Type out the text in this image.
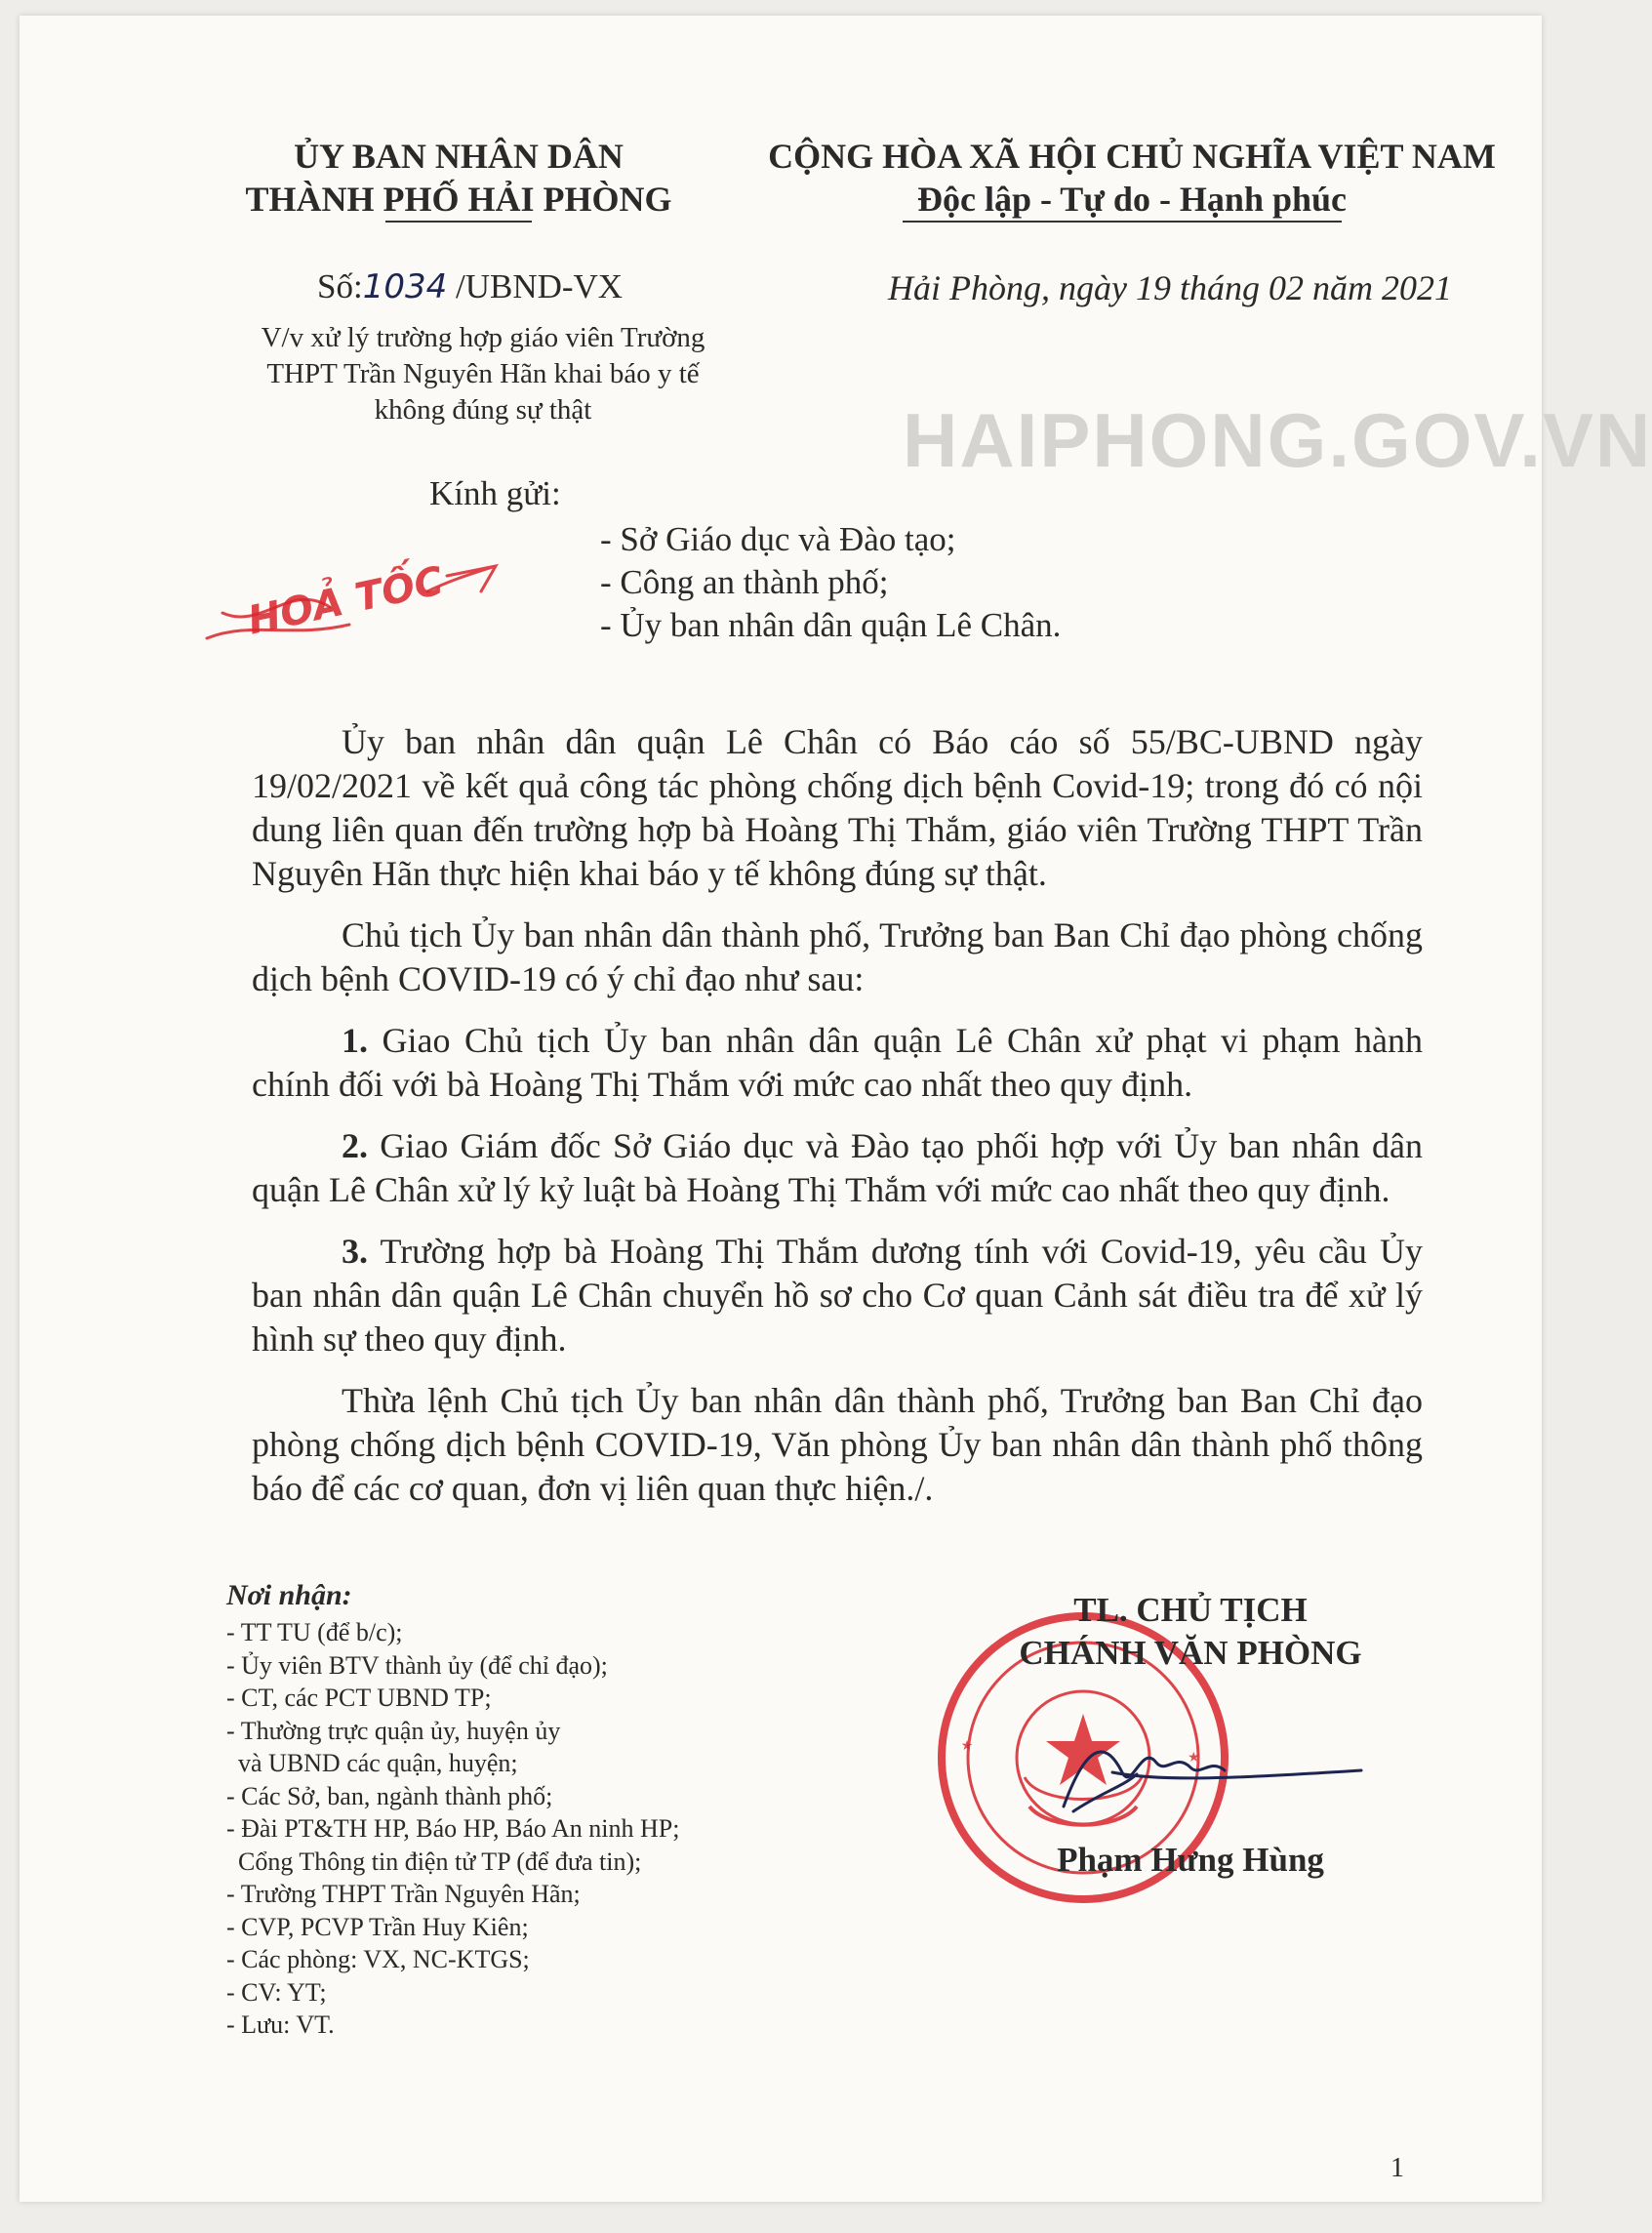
ỦY BAN NHÂN DÂN
THÀNH PHỐ HẢI PHÒNG
CỘNG HÒA XÃ HỘI CHỦ NGHĨA VIỆT NAM
Độc lập - Tự do - Hạnh phúc
Số:1034 /UBND-VX	Hải Phòng, ngày 19 tháng 02 năm 2021
V/v xử lý trường hợp giáo viên Trường
THPT Trần Nguyên Hãn khai báo y tế
không đúng sự thật	HAIPHONG.GOV.VN
Kính gửi:
- Sở Giáo dục và Đào tạo;
- Công an thành phố;
- Ủy ban nhân dân quận Lê Chân.
HOẢ TỐC

Ủy ban nhân dân quận Lê Chân có Báo cáo số 55/BC-UBND ngày 19/02/2021 về kết quả công tác phòng chống dịch bệnh Covid-19; trong đó có nội dung liên quan đến trường hợp bà Hoàng Thị Thắm, giáo viên Trường THPT Trần Nguyên Hãn thực hiện khai báo y tế không đúng sự thật.

Chủ tịch Ủy ban nhân dân thành phố, Trưởng ban Ban Chỉ đạo phòng chống dịch bệnh COVID-19 có ý chỉ đạo như sau:

1. Giao Chủ tịch Ủy ban nhân dân quận Lê Chân xử phạt vi phạm hành chính đối với bà Hoàng Thị Thắm với mức cao nhất theo quy định.

2. Giao Giám đốc Sở Giáo dục và Đào tạo phối hợp với Ủy ban nhân dân quận Lê Chân xử lý kỷ luật bà Hoàng Thị Thắm với mức cao nhất theo quy định.

3. Trường hợp bà Hoàng Thị Thắm dương tính với Covid-19, yêu cầu Ủy ban nhân dân quận Lê Chân chuyển hồ sơ cho Cơ quan Cảnh sát điều tra để xử lý hình sự theo quy định.

Thừa lệnh Chủ tịch Ủy ban nhân dân thành phố, Trưởng ban Ban Chỉ đạo phòng chống dịch bệnh COVID-19, Văn phòng Ủy ban nhân dân thành phố thông báo để các cơ quan, đơn vị liên quan thực hiện./.

Nơi nhận:
- TT TU (để b/c);
- Ủy viên BTV thành ủy (để chỉ đạo);
- CT, các PCT UBND TP;
- Thường trực quận ủy, huyện ủy
và UBND các quận, huyện;
- Các Sở, ban, ngành thành phố;
- Đài PT&TH HP, Báo HP, Báo An ninh HP;
Cổng Thông tin điện tử TP (để đưa tin);
- Trường THPT Trần Nguyên Hãn;
- CVP, PCVP Trần Huy Kiên;
- Các phòng: VX, NC-KTGS;
- CV: YT;
- Lưu: VT.
★
★
TL. CHỦ TỊCH
CHÁNH VĂN PHÒNG
Phạm Hưng Hùng
1
